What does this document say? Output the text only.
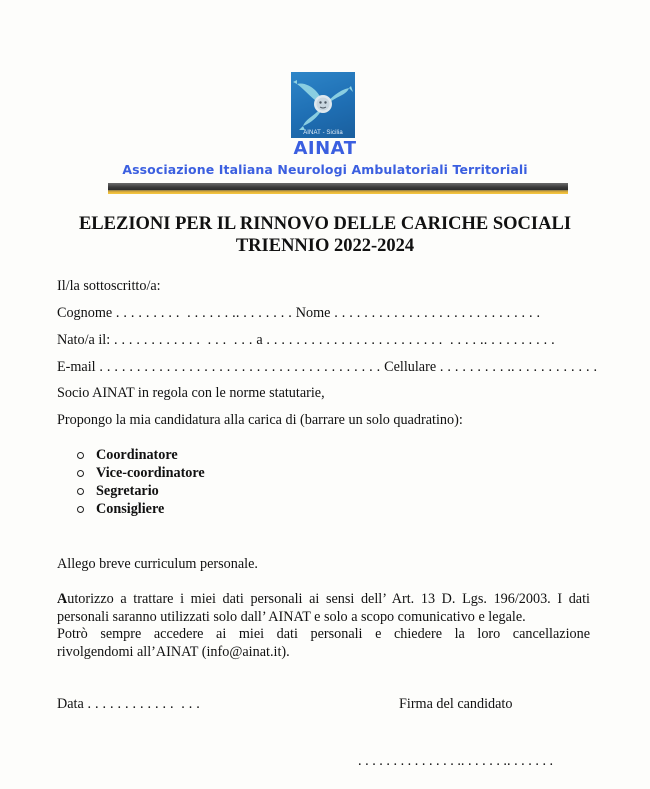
AINAT - Sicilia
AINAT
Associazione Italiana Neurologi Ambulatoriali Territoriali
ELEZIONI PER IL RINNOVO DELLE CARICHE SOCIALI
TRIENNIO 2022-2024
Il/la sottoscritto/a:
Cognome . . . . . . . . .  . . . . . . .. . . . . . . . Nome . . . . . . . . . . . . . . . . . . . . . . . . . . . .
Nato/a il: . . . . . . . . . . . .  . . .  . . . a . . . . . . . . . . . . . . . . . . . . . . . .  . . . . .. . . . . . . . . .
E-mail . . . . . . . . . . . . . . . . . . . . . . . . . . . . . . . . . . . . . . Cellulare . . . . . . . . . .. . . . . . . . . . . .
Socio AINAT in regola con le norme statutarie,
Propongo la mia candidatura alla carica di (barrare un solo quadratino):
Coordinatore
Vice-coordinatore
Segretario
Consigliere
Allego breve curriculum personale.
Autorizzo a trattare i miei dati personali ai sensi dell’ Art. 13 D. Lgs. 196/2003. I dati
personali saranno utilizzati solo dall’ AINAT e solo a scopo comunicativo e legale.
Potrò sempre accedere ai miei dati personali e chiedere la loro cancellazione
rivolgendomi all’AINAT (info@ainat.it).
Data . . . . . . . . . . . .  . . .	Firma del candidato
. . . . . . . . . . . . . . .. . . . . . .. . . . . . .
